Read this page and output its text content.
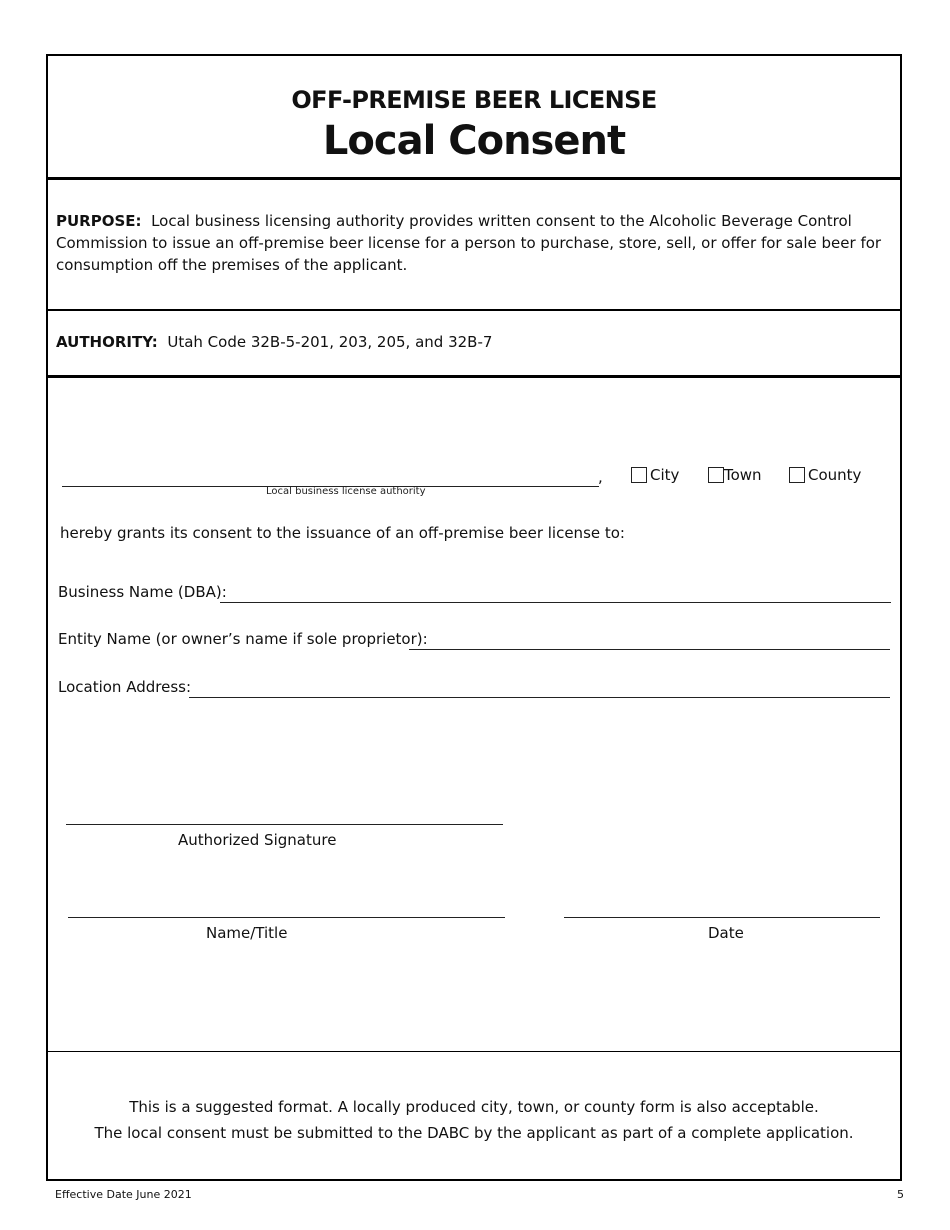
OFF-PREMISE BEER LICENSE
Local Consent
PURPOSE: Local business licensing authority provides written consent to the Alcoholic Beverage Control Commission to issue an off-premise beer license for a person to purchase, store, sell, or offer for sale beer for consumption off the premises of the applicant.
AUTHORITY: Utah Code 32B-5-201, 203, 205, and 32B-7
Local business license authority
,	City	Town	County
hereby grants its consent to the issuance of an off-premise beer license to:
Business Name (DBA):
Entity Name (or owner’s name if sole proprietor):
Location Address:
Authorized Signature
Name/Title	Date
This is a suggested format. A locally produced city, town, or county form is also acceptable.
The local consent must be submitted to the DABC by the applicant as part of a complete application.
Effective Date June 2021	5
